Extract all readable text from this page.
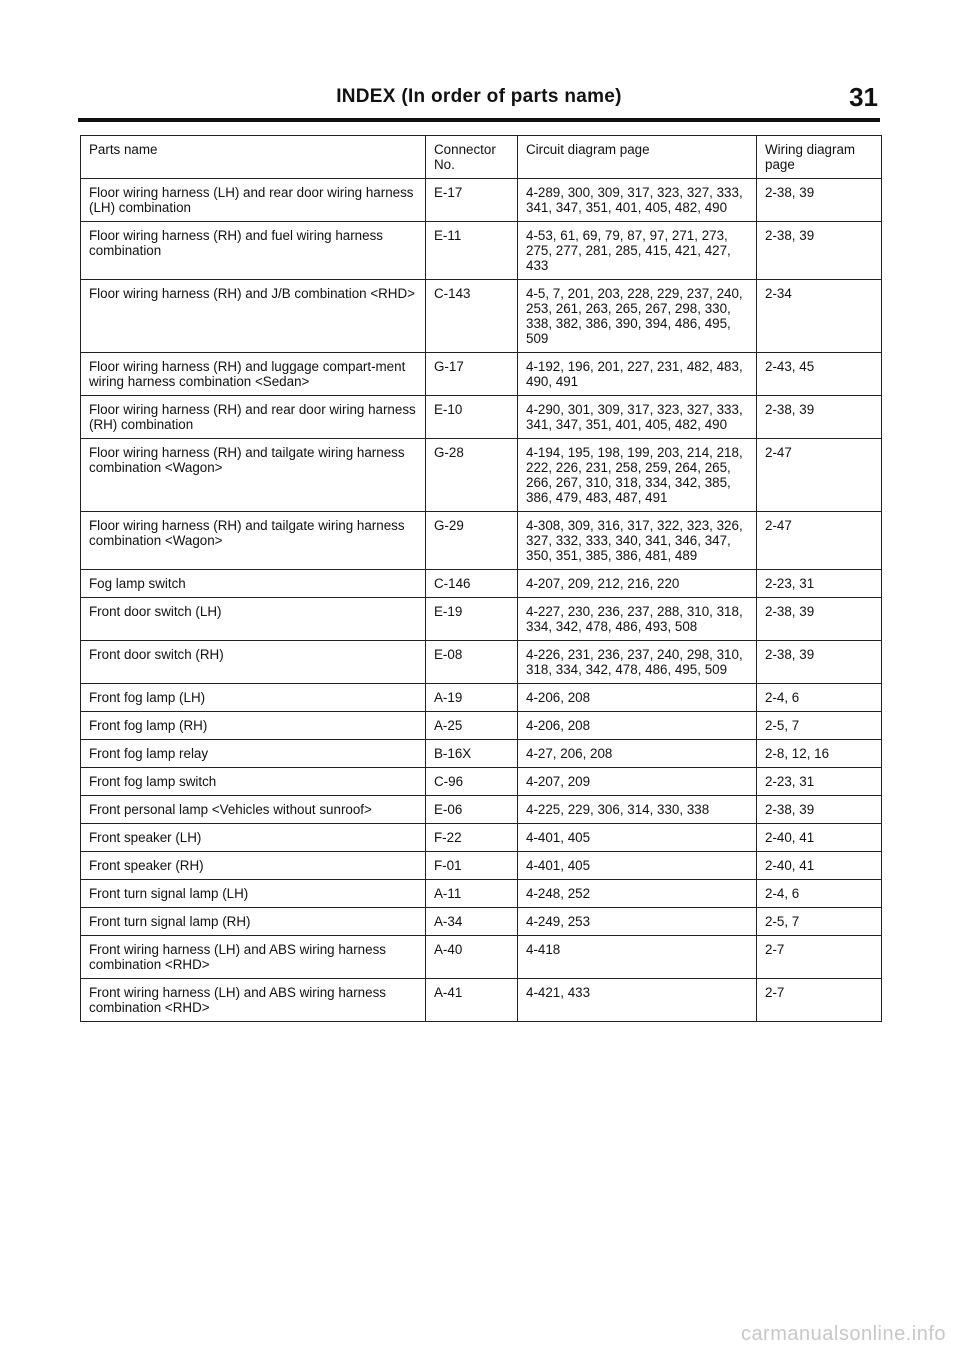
INDEX (In order of parts name)	31
Parts name	Connector No.	Circuit diagram page	Wiring diagram page
Floor wiring harness (LH) and rear door wiring harness (LH) combination	E-17	4-289, 300, 309, 317, 323, 327, 333, 341, 347, 351, 401, 405, 482, 490	2-38, 39
Floor wiring harness (RH) and fuel wiring harness combination	E-11	4-53, 61, 69, 79, 87, 97, 271, 273, 275, 277, 281, 285, 415, 421, 427, 433	2-38, 39
Floor wiring harness (RH) and J/B combination <RHD>	C-143	4-5, 7, 201, 203, 228, 229, 237, 240, 253, 261, 263, 265, 267, 298, 330, 338, 382, 386, 390, 394, 486, 495, 509	2-34
Floor wiring harness (RH) and luggage compart-ment wiring harness combination <Sedan>	G-17	4-192, 196, 201, 227, 231, 482, 483, 490, 491	2-43, 45
Floor wiring harness (RH) and rear door wiring harness (RH) combination	E-10	4-290, 301, 309, 317, 323, 327, 333, 341, 347, 351, 401, 405, 482, 490	2-38, 39
Floor wiring harness (RH) and tailgate wiring harness combination <Wagon>	G-28	4-194, 195, 198, 199, 203, 214, 218, 222, 226, 231, 258, 259, 264, 265, 266, 267, 310, 318, 334, 342, 385, 386, 479, 483, 487, 491	2-47
Floor wiring harness (RH) and tailgate wiring harness combination <Wagon>	G-29	4-308, 309, 316, 317, 322, 323, 326, 327, 332, 333, 340, 341, 346, 347, 350, 351, 385, 386, 481, 489	2-47
Fog lamp switch	C-146	4-207, 209, 212, 216, 220	2-23, 31
Front door switch (LH)	E-19	4-227, 230, 236, 237, 288, 310, 318, 334, 342, 478, 486, 493, 508	2-38, 39
Front door switch (RH)	E-08	4-226, 231, 236, 237, 240, 298, 310, 318, 334, 342, 478, 486, 495, 509	2-38, 39
Front fog lamp (LH)	A-19	4-206, 208	2-4, 6
Front fog lamp (RH)	A-25	4-206, 208	2-5, 7
Front fog lamp relay	B-16X	4-27, 206, 208	2-8, 12, 16
Front fog lamp switch	C-96	4-207, 209	2-23, 31
Front personal lamp <Vehicles without sunroof>	E-06	4-225, 229, 306, 314, 330, 338	2-38, 39
Front speaker (LH)	F-22	4-401, 405	2-40, 41
Front speaker (RH)	F-01	4-401, 405	2-40, 41
Front turn signal lamp (LH)	A-11	4-248, 252	2-4, 6
Front turn signal lamp (RH)	A-34	4-249, 253	2-5, 7
Front wiring harness (LH) and ABS wiring harness combination <RHD>	A-40	4-418	2-7
Front wiring harness (LH) and ABS wiring harness combination <RHD>	A-41	4-421, 433	2-7
carmanualsonline.info
